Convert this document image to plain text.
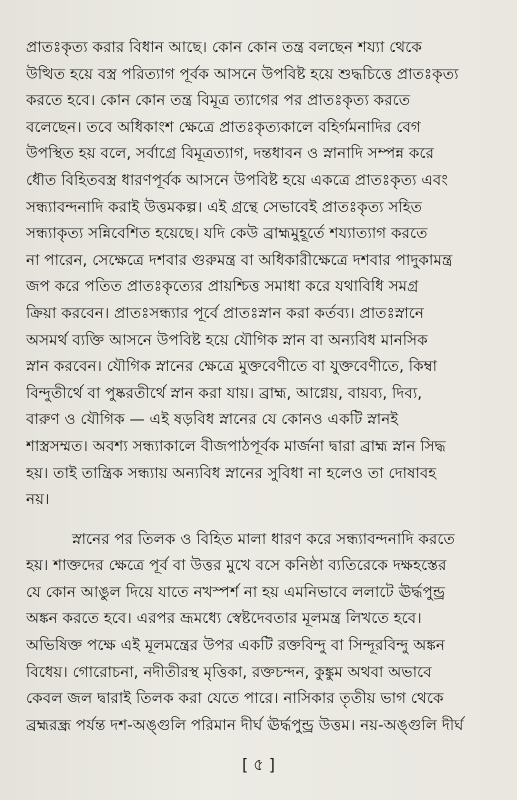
প্রাতঃকৃত্য করার বিধান আছে। কোন কোন তন্ত্র বলছেন শয্যা থেকে
উত্থিত হয়ে বস্ত্র পরিত্যাগ পূর্বক আসনে উপবিষ্ট হয়ে শুদ্ধচিত্তে প্রাতঃকৃত্য
করতে হবে। কোন কোন তন্ত্র বিমূত্র ত্যাগের পর প্রাতঃকৃত্য করতে
বলেছেন। তবে অধিকাংশ ক্ষেত্রে প্রাতঃকৃত্যকালে বহির্গমনাদির বেগ
উপস্থিত হয় বলে, সর্বাগ্রে বিমূত্রত্যাগ, দন্তধাবন ও স্নানাদি সম্পন্ন করে
ধৌত বিহিতবস্ত্র ধারণপূর্বক আসনে উপবিষ্ট হয়ে একত্রে প্রাতঃকৃত্য এবং
সন্ধ্যাবন্দনাদি করাই উত্তমকল্প। এই গ্রন্থে সেভাবেই প্রাতঃকৃত্য সহিত
সন্ধ্যাকৃত্য সন্নিবেশিত হয়েছে। যদি কেউ ব্রাহ্মমুহূর্তে শয্যাত্যাগ করতে
না পারেন, সেক্ষেত্রে দশবার গুরুমন্ত্র বা অধিকারীক্ষেত্রে দশবার পাদুকামন্ত্র
জপ করে পতিত প্রাতঃকৃত্যের প্রায়শ্চিত্ত সমাধা করে যথাবিধি সমগ্র
ক্রিয়া করবেন। প্রাতঃসন্ধ্যার পূর্বে প্রাতঃস্নান করা কর্তব্য। প্রাতঃস্নানে
অসমর্থ ব্যক্তি আসনে উপবিষ্ট হয়ে যৌগিক স্নান বা অন্যবিধ মানসিক
স্নান করবেন। যৌগিক স্নানের ক্ষেত্রে মুক্তবেণীতে বা যুক্তবেণীতে, কিম্বা
বিন্দুতীর্থে বা পুষ্করতীর্থে স্নান করা যায়। ব্রাহ্ম, আগ্নেয়, বায়ব্য, দিব্য,
বারুণ ও যৌগিক — এই ষড়বিধ স্নানের যে কোনও একটি স্নানই
শাস্ত্রসম্মত। অবশ্য সন্ধ্যাকালে বীজপাঠপূর্বক মার্জনা দ্বারা ব্রাহ্ম স্নান সিদ্ধ
হয়। তাই তান্ত্রিক সন্ধ্যায় অন্যবিধ স্নানের সুবিধা না হলেও তা দোষাবহ
নয়।
স্নানের পর তিলক ও বিহিত মালা ধারণ করে সন্ধ্যাবন্দনাদি করতে
হয়। শাক্তদের ক্ষেত্রে পূর্ব বা উত্তর মুখে বসে কনিষ্ঠা ব্যতিরেকে দক্ষহস্তের
যে কোন আঙুল দিয়ে যাতে নখস্পর্শ না হয় এমনিভাবে ললাটে ঊর্দ্ধপুন্ড্র
অঙ্কন করতে হবে। এরপর ভ্রূমধ্যে স্বেষ্টদেবতার মূলমন্ত্র লিখতে হবে।
অভিষিক্ত পক্ষে এই মূলমন্ত্রের উপর একটি রক্তবিন্দু বা সিন্দূরবিন্দু অঙ্কন
বিধেয়। গোরোচনা, নদীতীরস্থ মৃত্তিকা, রক্তচন্দন, কুঙ্কুম অথবা অভাবে
কেবল জল দ্বারাই তিলক করা যেতে পারে। নাসিকার তৃতীয় ভাগ থেকে
ব্রহ্মরন্ধ্র পর্যন্ত দশ-অঙ্গুলি পরিমান দীর্ঘ ঊর্দ্ধপুন্ড্র উত্তম। নয়-অঙ্গুলি দীর্ঘ
[ ৫ ]
